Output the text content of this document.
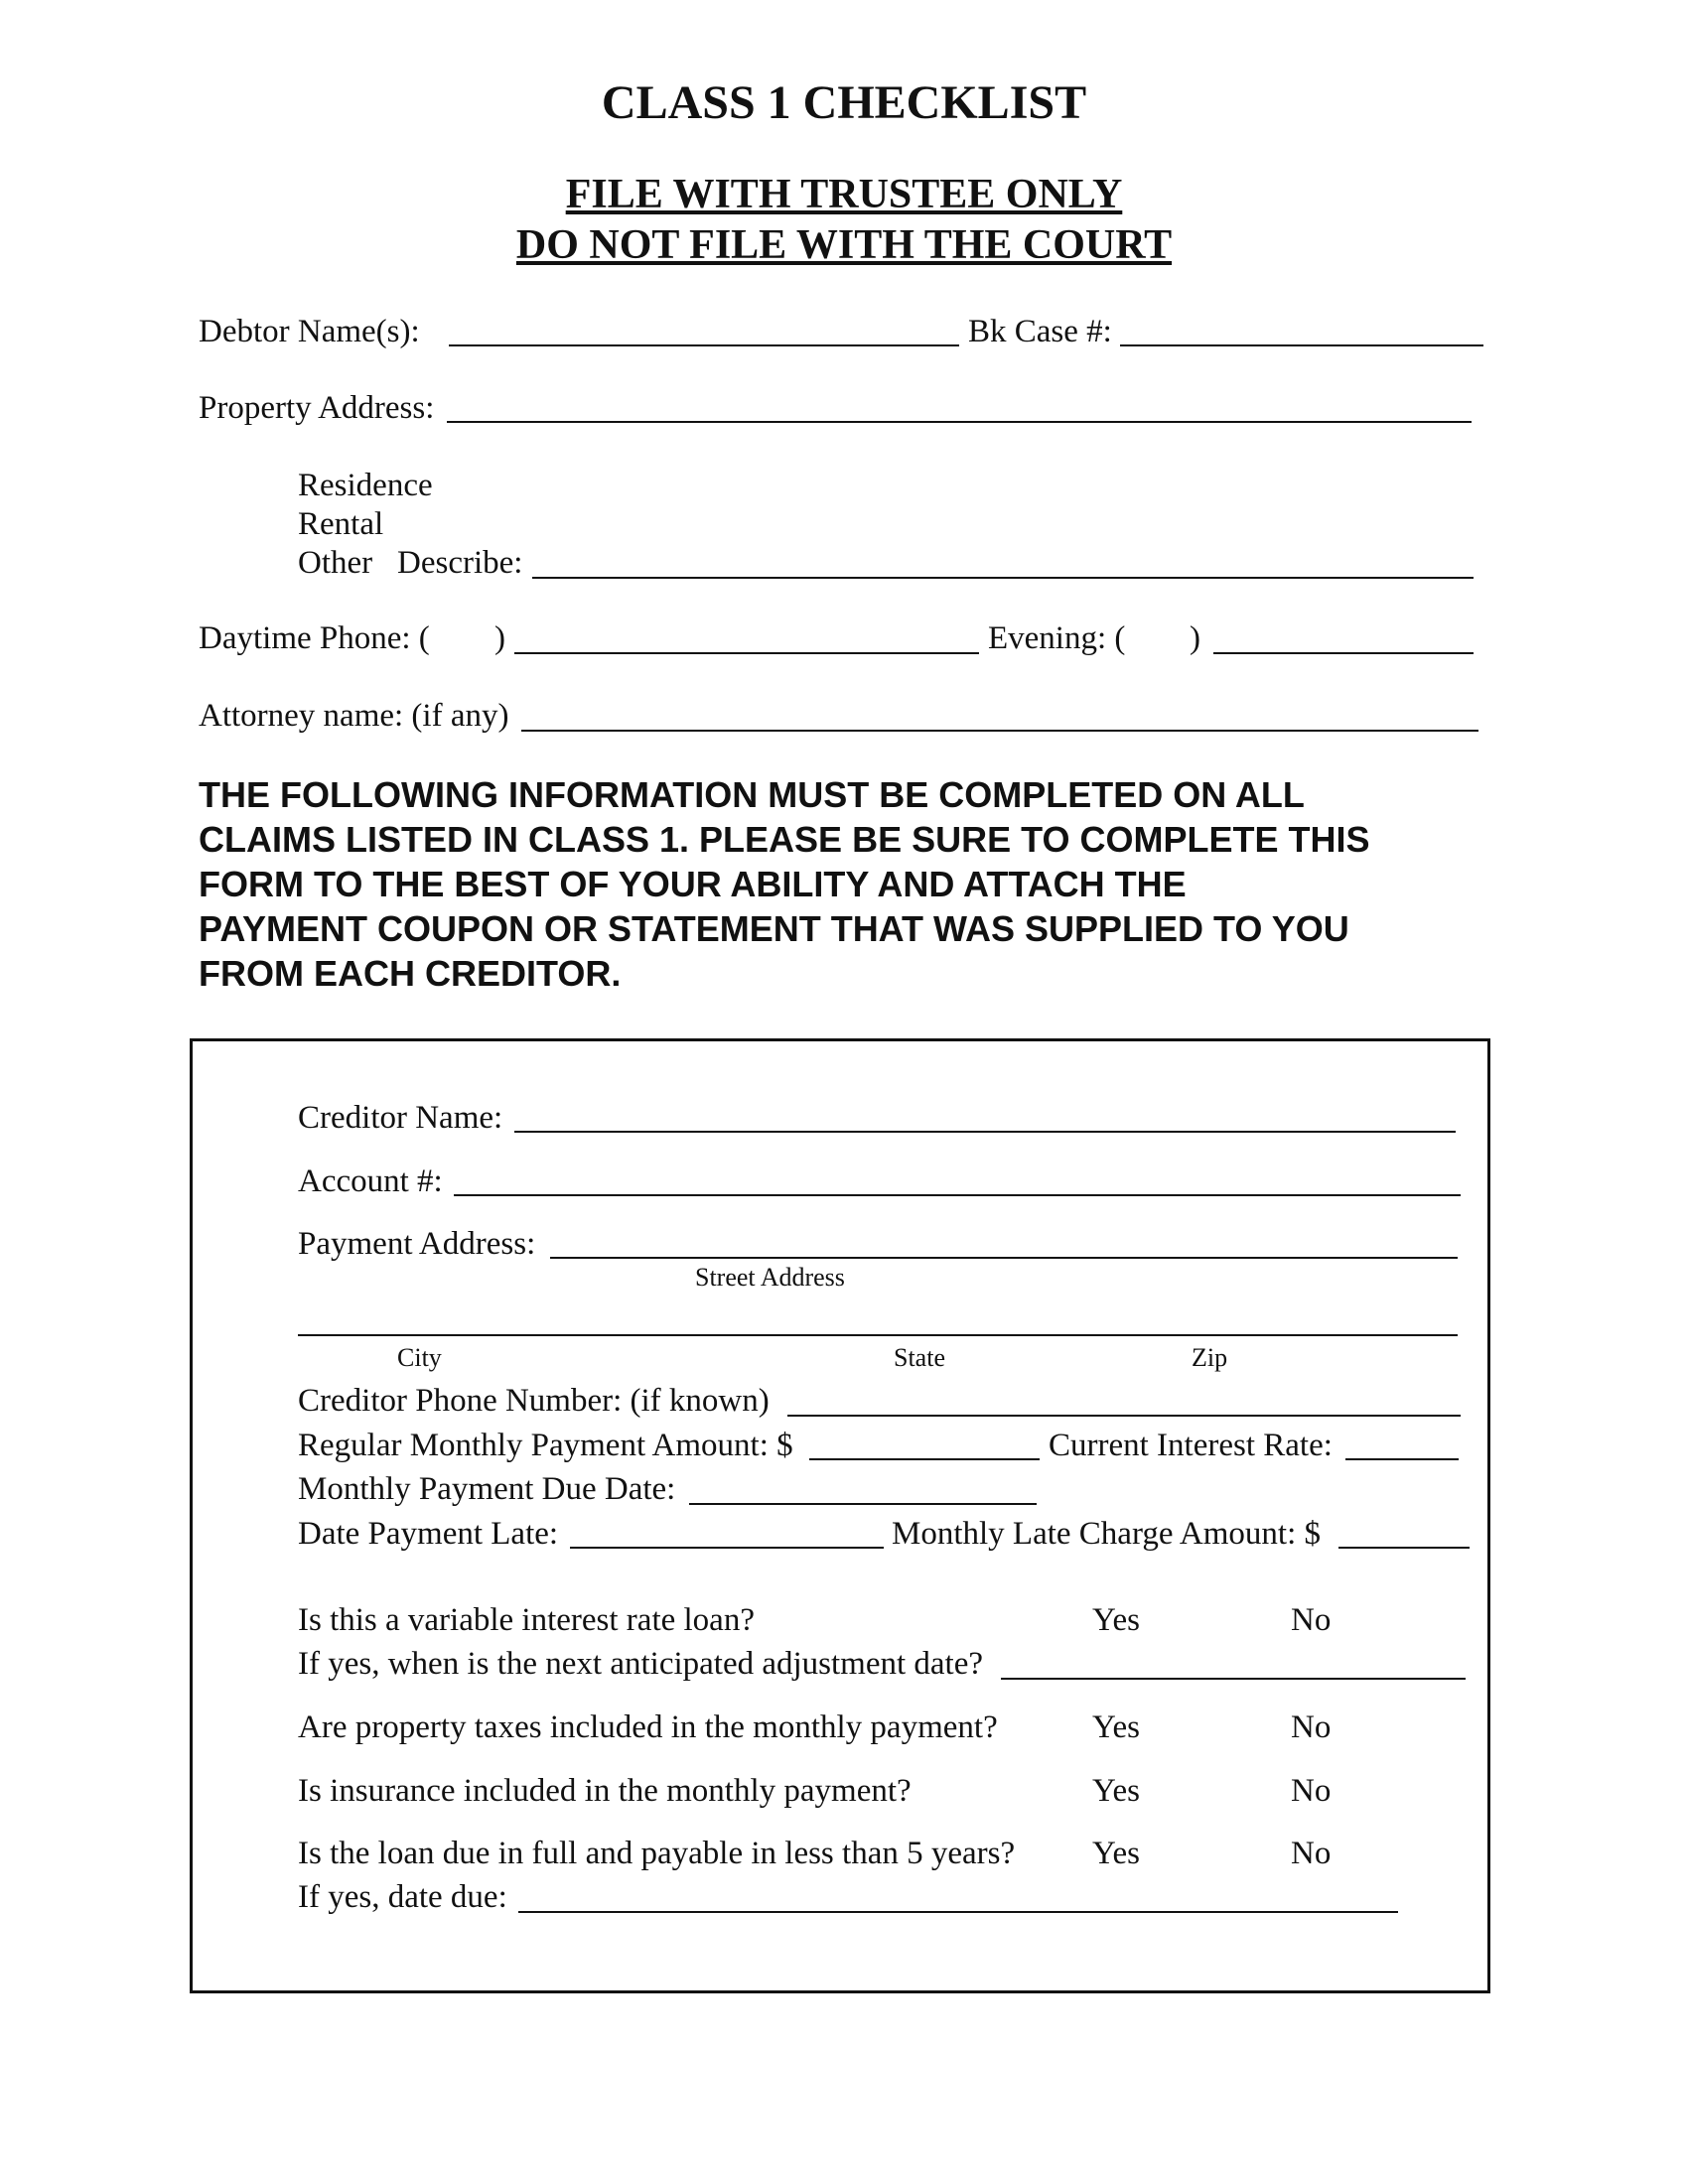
CLASS 1 CHECKLIST
FILE WITH TRUSTEE ONLY
DO NOT FILE WITH THE COURT
Debtor Name(s):	Bk Case #:
Property Address:
Residence
Rental
Other Describe:
Daytime Phone: ( )	Evening: ( )
Attorney name: (if any)
THE FOLLOWING INFORMATION MUST BE COMPLETED ON ALL
CLAIMS LISTED IN CLASS 1. PLEASE BE SURE TO COMPLETE THIS
FORM TO THE BEST OF YOUR ABILITY AND ATTACH THE
PAYMENT COUPON OR STATEMENT THAT WAS SUPPLIED TO YOU
FROM EACH CREDITOR.
Creditor Name:
Account #:
Payment Address:
Street Address
City	State	Zip
Creditor Phone Number: (if known)
Regular Monthly Payment Amount: $	Current Interest Rate:
Monthly Payment Due Date:
Date Payment Late:	Monthly Late Charge Amount: $
Is this a variable interest rate loan?	Yes	No
If yes, when is the next anticipated adjustment date?
Are property taxes included in the monthly payment?	Yes	No
Is insurance included in the monthly payment?	Yes	No
Is the loan due in full and payable in less than 5 years? Yes	No
If yes, date due:
